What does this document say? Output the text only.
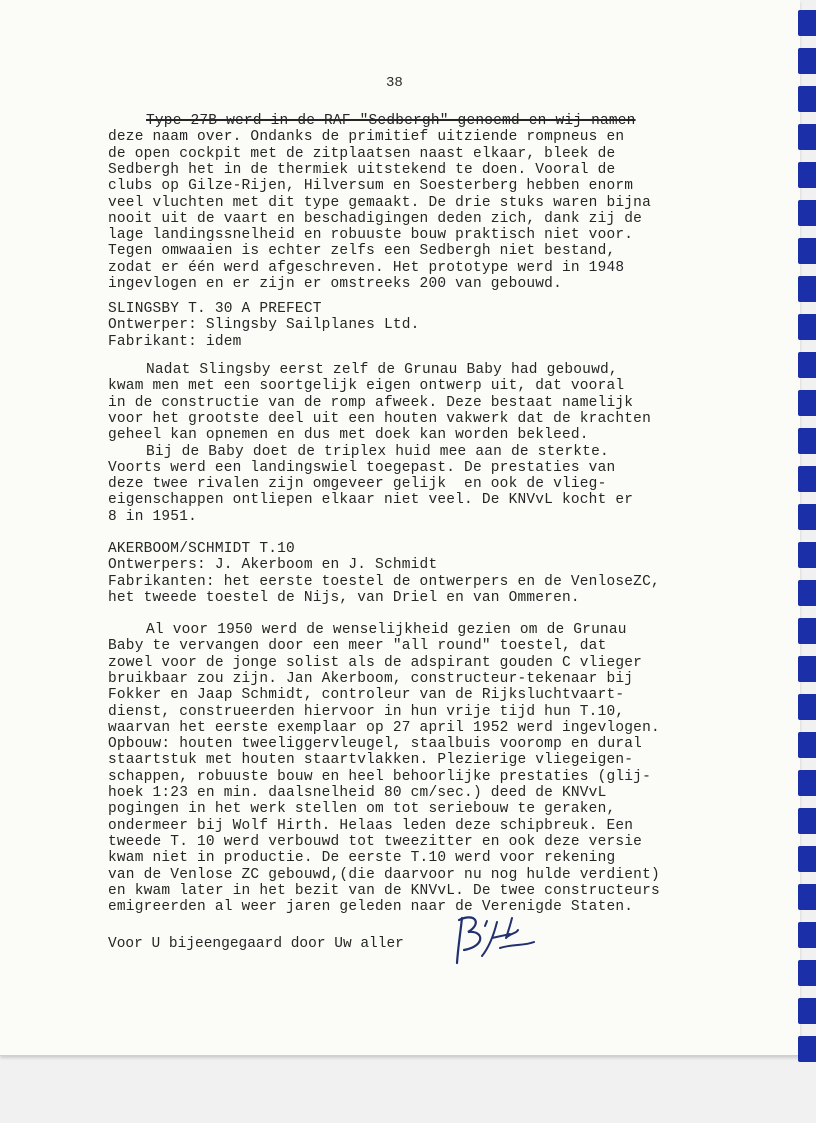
38
Type 27B werd in de RAF "Sedbergh" genoemd en wij namen
deze naam over. Ondanks de primitief uitziende rompneus en
de open cockpit met de zitplaatsen naast elkaar, bleek de
Sedbergh het in de thermiek uitstekend te doen. Vooral de
clubs op Gilze-Rijen, Hilversum en Soesterberg hebben enorm
veel vluchten met dit type gemaakt. De drie stuks waren bijna
nooit uit de vaart en beschadigingen deden zich, dank zij de
lage landingssnelheid en robuuste bouw praktisch niet voor.
Tegen omwaaien is echter zelfs een Sedbergh niet bestand,
zodat er één werd afgeschreven. Het prototype werd in 1948
ingevlogen en er zijn er omstreeks 200 van gebouwd.
SLINGSBY T. 30 A PREFECT
Ontwerper: Slingsby Sailplanes Ltd.
Fabrikant: idem
Nadat Slingsby eerst zelf de Grunau Baby had gebouwd,
kwam men met een soortgelijk eigen ontwerp uit, dat vooral
in de constructie van de romp afweek. Deze bestaat namelijk
voor het grootste deel uit een houten vakwerk dat de krachten
geheel kan opnemen en dus met doek kan worden bekleed.
Bij de Baby doet de triplex huid mee aan de sterkte.
Voorts werd een landingswiel toegepast. De prestaties van
deze twee rivalen zijn omgeveer gelijk  en ook de vlieg-
eigenschappen ontliepen elkaar niet veel. De KNVvL kocht er
8 in 1951.
AKERBOOM/SCHMIDT T.10
Ontwerpers: J. Akerboom en J. Schmidt
Fabrikanten: het eerste toestel de ontwerpers en de VenloseZC,
het tweede toestel de Nijs, van Driel en van Ommeren.
Al voor 1950 werd de wenselijkheid gezien om de Grunau
Baby te vervangen door een meer "all round" toestel, dat
zowel voor de jonge solist als de adspirant gouden C vlieger
bruikbaar zou zijn. Jan Akerboom, constructeur-tekenaar bij
Fokker en Jaap Schmidt, controleur van de Rijksluchtvaart-
dienst, construeerden hiervoor in hun vrije tijd hun T.10,
waarvan het eerste exemplaar op 27 april 1952 werd ingevlogen.
Opbouw: houten tweeliggervleugel, staalbuis vooromp en dural
staartstuk met houten staartvlakken. Plezierige vliegeigen-
schappen, robuuste bouw en heel behoorlijke prestaties (glij-
hoek 1:23 en min. daalsnelheid 80 cm/sec.) deed de KNVvL
pogingen in het werk stellen om tot seriebouw te geraken,
ondermeer bij Wolf Hirth. Helaas leden deze schipbreuk. Een
tweede T. 10 werd verbouwd tot tweezitter en ook deze versie
kwam niet in productie. De eerste T.10 werd voor rekening
van de Venlose ZC gebouwd,(die daarvoor nu nog hulde verdient)
en kwam later in het bezit van de KNVvL. De twee constructeurs
emigreerden al weer jaren geleden naar de Verenigde Staten.
Voor U bijeengegaard door Uw aller
